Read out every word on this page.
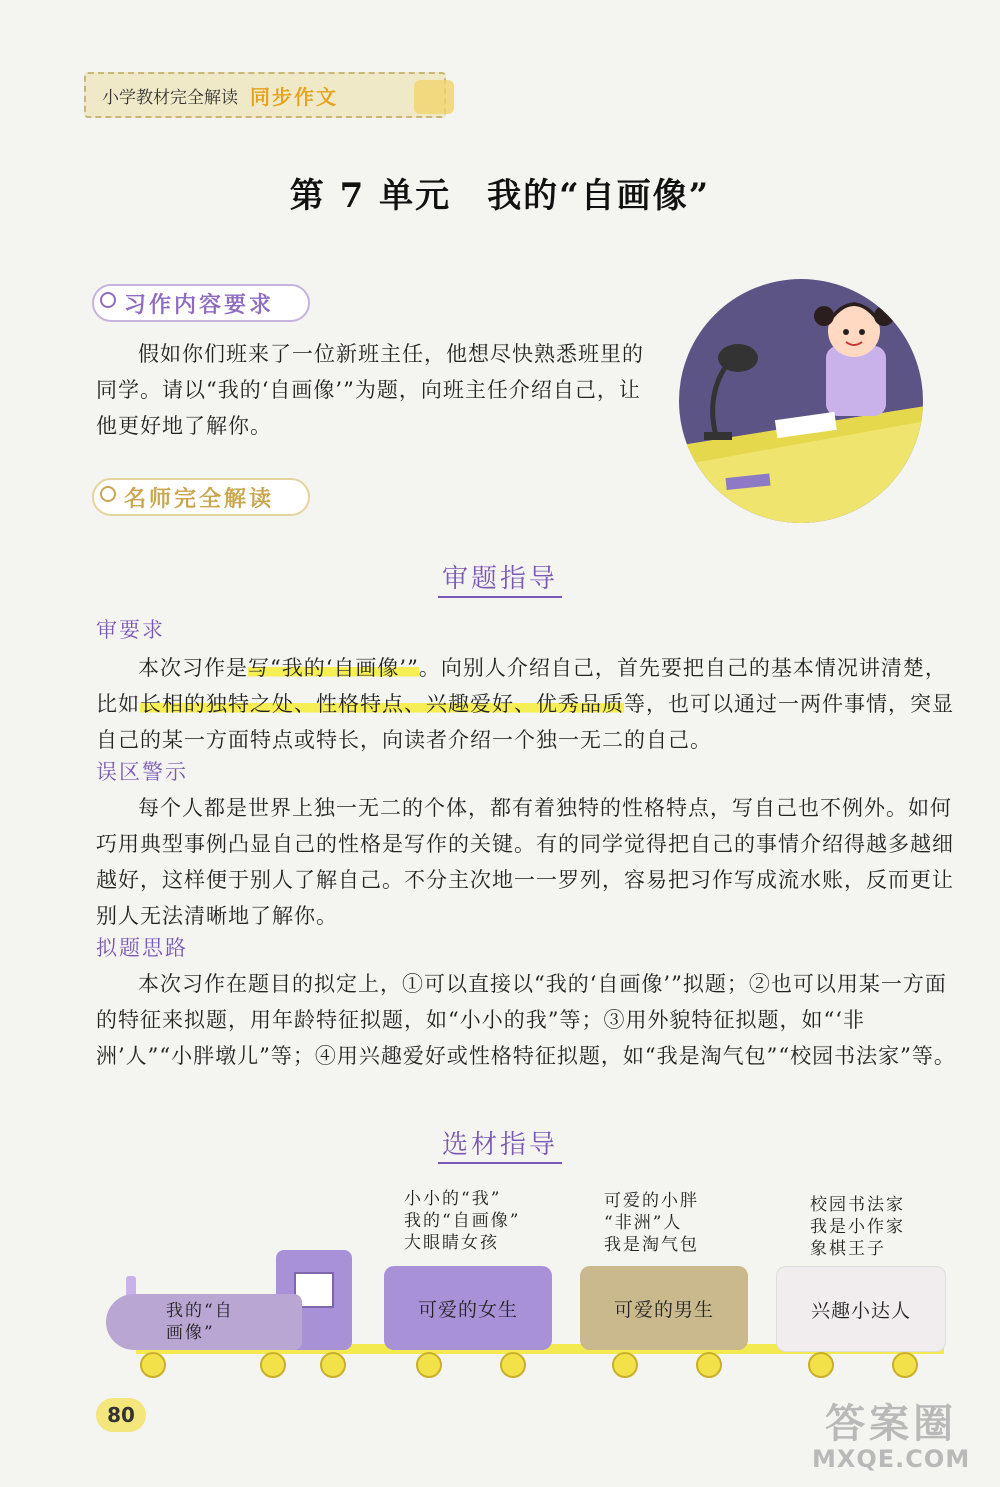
小学教材完全解读 同步作文
第 7 单元　我的“自画像”
习作内容要求
假如你们班来了一位新班主任，他想尽快熟悉班里的同学。请以“我的‘自画像’”为题，向班主任介绍自己，让他更好地了解你。
名师完全解读
审题指导
审要求
本次习作是写“我的‘自画像’”。向别人介绍自己，首先要把自己的基本情况讲清楚，比如长相的独特之处、性格特点、兴趣爱好、优秀品质等，也可以通过一两件事情，突显自己的某一方面特点或特长，向读者介绍一个独一无二的自己。
误区警示
每个人都是世界上独一无二的个体，都有着独特的性格特点，写自己也不例外。如何巧用典型事例凸显自己的性格是写作的关键。有的同学觉得把自己的事情介绍得越多越细越好，这样便于别人了解自己。不分主次地一一罗列，容易把习作写成流水账，反而更让别人无法清晰地了解你。
拟题思路
本次习作在题目的拟定上，①可以直接以“我的‘自画像’”拟题；②也可以用某一方面的特征来拟题，用年龄特征拟题，如“小小的我”等；③用外貌特征拟题，如“‘非洲’人”“小胖墩儿”等；④用兴趣爱好或性格特征拟题，如“我是淘气包”“校园书法家”等。
选材指导
我的“自
画像”
可爱的女生	可爱的男生	兴趣小达人
小小的“我”
我的“自画像”
大眼睛女孩
可爱的小胖
“非洲”人
我是淘气包
校园书法家
我是小作家
象棋王子
80	答案圈
MXQE.COM
